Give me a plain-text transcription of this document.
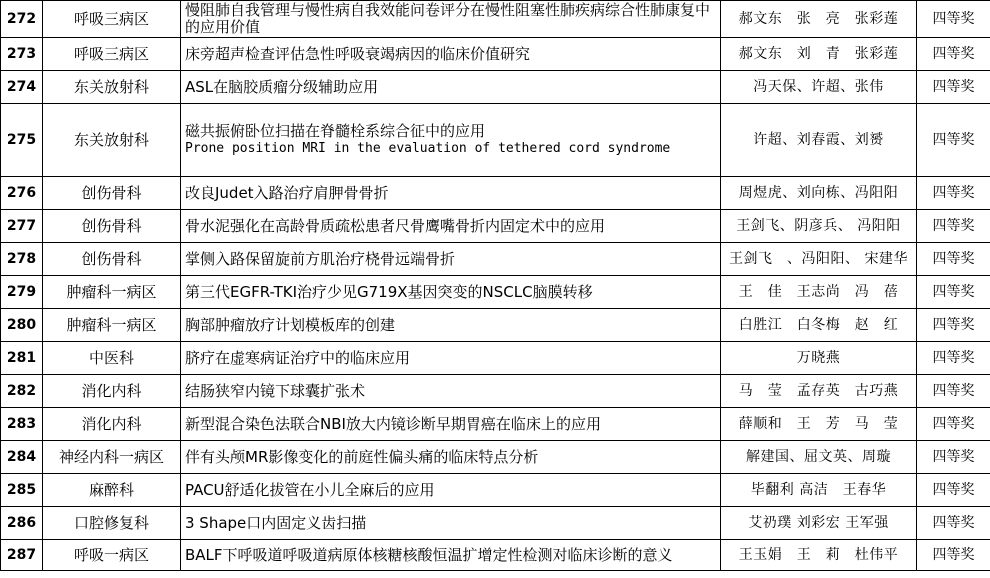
272	呼吸三病区	慢阻肺自我管理与慢性病自我效能问卷评分在慢性阻塞性肺疾病综合性肺康复中的应用价值	郝文东　张　亮　张彩莲	四等奖
273	呼吸三病区	床旁超声检查评估急性呼吸衰竭病因的临床价值研究	郝文东　刘　青　张彩莲	四等奖
274	东关放射科	ASL在脑胶质瘤分级辅助应用	冯天保、许超、张伟	四等奖
275	东关放射科	磁共振俯卧位扫描在脊髓栓系综合征中的应用
Prone position MRI in the evaluation of tethered cord syndrome	许超、刘春霞、刘赟	四等奖
276	创伤骨科	改良Judet入路治疗肩胛骨骨折	周煜虎、刘向栋、冯阳阳	四等奖
277	创伤骨科	骨水泥强化在高龄骨质疏松患者尺骨鹰嘴骨折内固定术中的应用	王剑飞、阴彦兵、 冯阳阳	四等奖
278	创伤骨科	掌侧入路保留旋前方肌治疗桡骨远端骨折	王剑飞　、冯阳阳、 宋建华	四等奖
279	肿瘤科一病区	第三代EGFR-TKI治疗少见G719X基因突变的NSCLC脑膜转移	王　佳　王志尚　冯　蓓	四等奖
280	肿瘤科一病区	胸部肿瘤放疗计划模板库的创建	白胜江　白冬梅　赵　红	四等奖
281	中医科	脐疗在虚寒病证治疗中的临床应用	万晓燕	四等奖
282	消化内科	结肠狭窄内镜下球囊扩张术	马　莹　孟存英　古巧燕	四等奖
283	消化内科	新型混合染色法联合NBI放大内镜诊断早期胃癌在临床上的应用	薛顺和　王　芳　马　莹	四等奖
284	神经内科一病区	伴有头颅MR影像变化的前庭性偏头痛的临床特点分析	解建国、屈文英、周璇	四等奖
285	麻醉科	PACU舒适化拔管在小儿全麻后的应用	毕翻利 高洁　王春华	四等奖
286	口腔修复科	3 Shape口内固定义齿扫描	艾礽璞 刘彩宏 王军强	四等奖
287	呼吸一病区	BALF下呼吸道呼吸道病原体核糖核酸恒温扩增定性检测对临床诊断的意义	王玉娟　王　莉　杜伟平	四等奖
